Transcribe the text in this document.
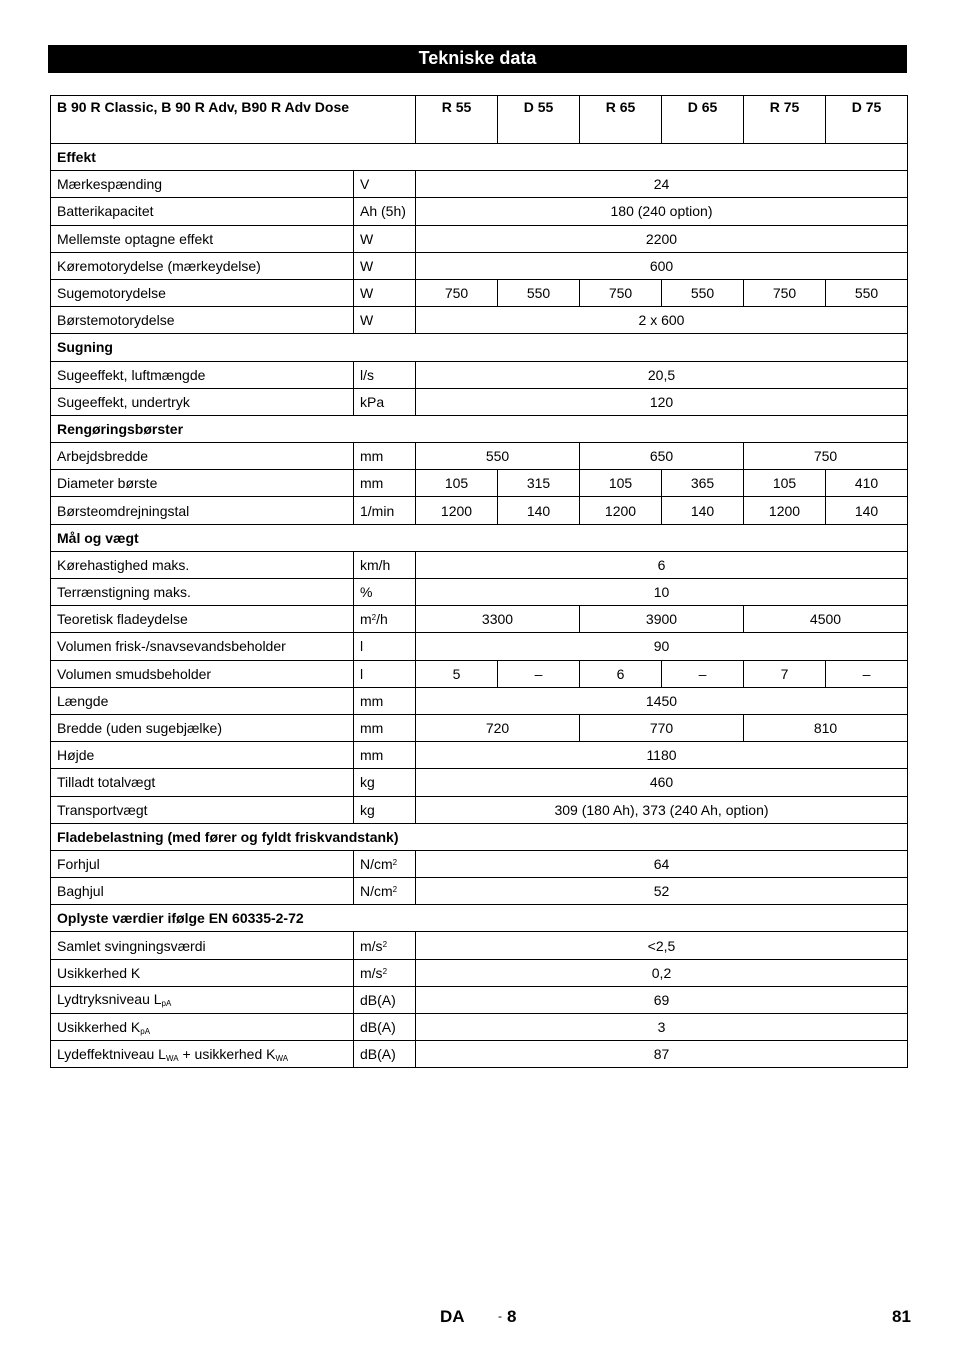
Tekniske data
B 90 R Classic, B 90 R Adv, B90 R Adv Dose		R 55	D 55	R 65	D 65	R 75	D 75
Effekt							
Mærkespænding	V	24					
Batterikapacitet	Ah (5h)	180 (240 option)					
Mellemste optagne effekt	W	2200					
Køremotorydelse (mærkeydelse)	W	600					
Sugemotorydelse	W	750	550	750	550	750	550
Børstemotorydelse	W	2 x 600					
Sugning							
Sugeeffekt, luftmængde	l/s	20,5					
Sugeeffekt, undertryk	kPa	120					
Rengøringsbørster							
Arbejdsbredde	mm	550		650		750	
Diameter børste	mm	105	315	105	365	105	410
Børsteomdrejningstal	1/min	1200	140	1200	140	1200	140
Mål og vægt							
Kørehastighed maks.	km/h	6					
Terrænstigning maks.	%	10					
Teoretisk fladeydelse	$m^2/h$	3300		3900		4500	
Volumen frisk-/snavsevandsbeholder	l	90					
Volumen smudsbeholder	l	5	–	6	–	7	–
Længde	mm	1450					
Bredde (uden sugebjælke)	mm	720		770		810	
Højde	mm	1180					
Tilladt totalvægt	kg	460					
Transportvægt	kg	309 (180 Ah), 373 (240 Ah, option)					
Fladebelastning (med fører og fyldt friskvandstank)							
Forhjul	$N/cm^2$	64					
Baghjul	$N/cm^2$	52					
Oplyste værdier ifølge EN 60335-2-72							
Samlet svingningsværdi	$m/s^2$	<2,5					
Usikkerhed K	$m/s^2$	0,2					
Lydtryksniveau $L_{pA}$	dB(A)	69					
Usikkerhed $K_{pA}$	dB(A)	3					
Lydeffektniveau $L_{WA}$ + usikkerhed $K_{WA}$	dB(A)	87					
DA	- 8	81
